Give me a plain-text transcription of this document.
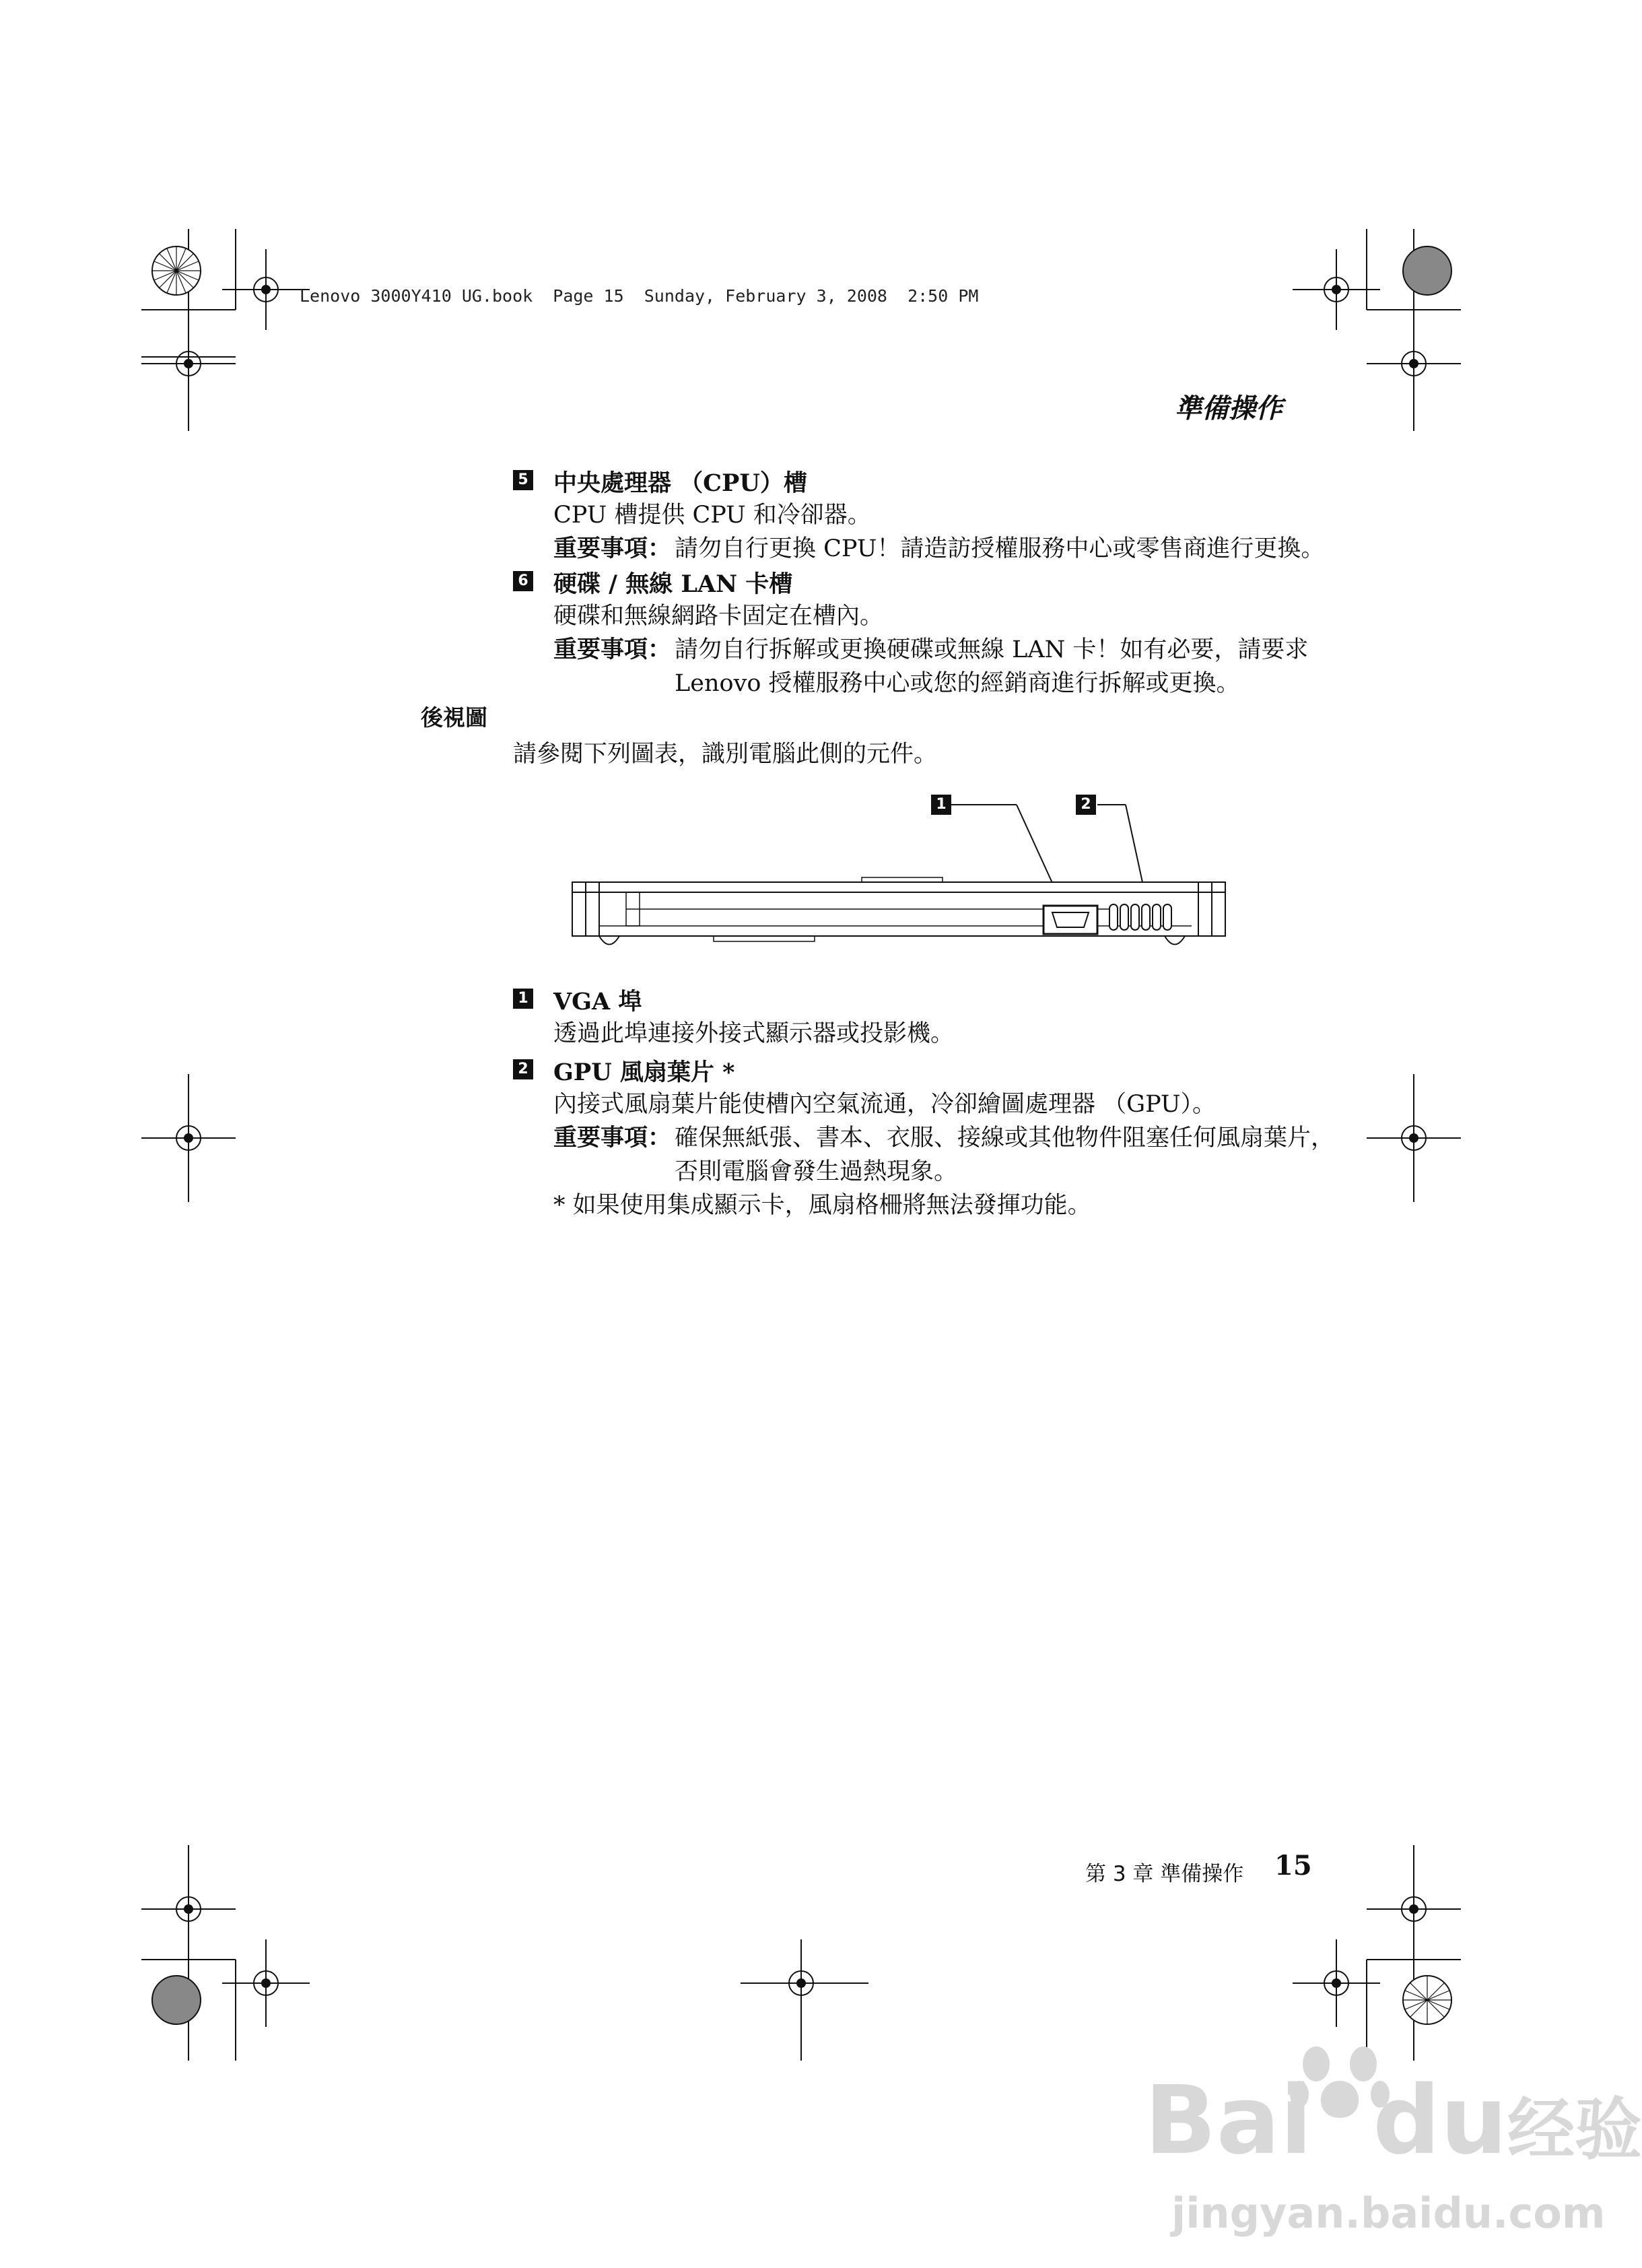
Lenovo 3000Y410 UG.book  Page 15  Sunday, February 3, 2008  2:50 PM
準備操作
5 中央處理器 （CPU）槽
CPU 槽提供 CPU 和冷卻器。
重要事項： 請勿自行更換 CPU！請造訪授權服務中心或零售商進行更換。
6 硬碟 / 無線 LAN 卡槽
硬碟和無線網路卡固定在槽內。
重要事項： 請勿自行拆解或更換硬碟或無線 LAN 卡！如有必要，請要求
Lenovo 授權服務中心或您的經銷商進行拆解或更換。
後視圖
請參閱下列圖表，識別電腦此側的元件。
1	2
1 VGA 埠
透過此埠連接外接式顯示器或投影機。
2 GPU 風扇葉片 *
內接式風扇葉片能使槽內空氣流通，冷卻繪圖處理器 （GPU）。
重要事項： 確保無紙張、書本、衣服、接線或其他物件阻塞任何風扇葉片，
否則電腦會發生過熱現象。
* 如果使用集成顯示卡，風扇格柵將無法發揮功能。
第 3 章 準備操作 15
Bai du经验
jingyan.baidu.com
